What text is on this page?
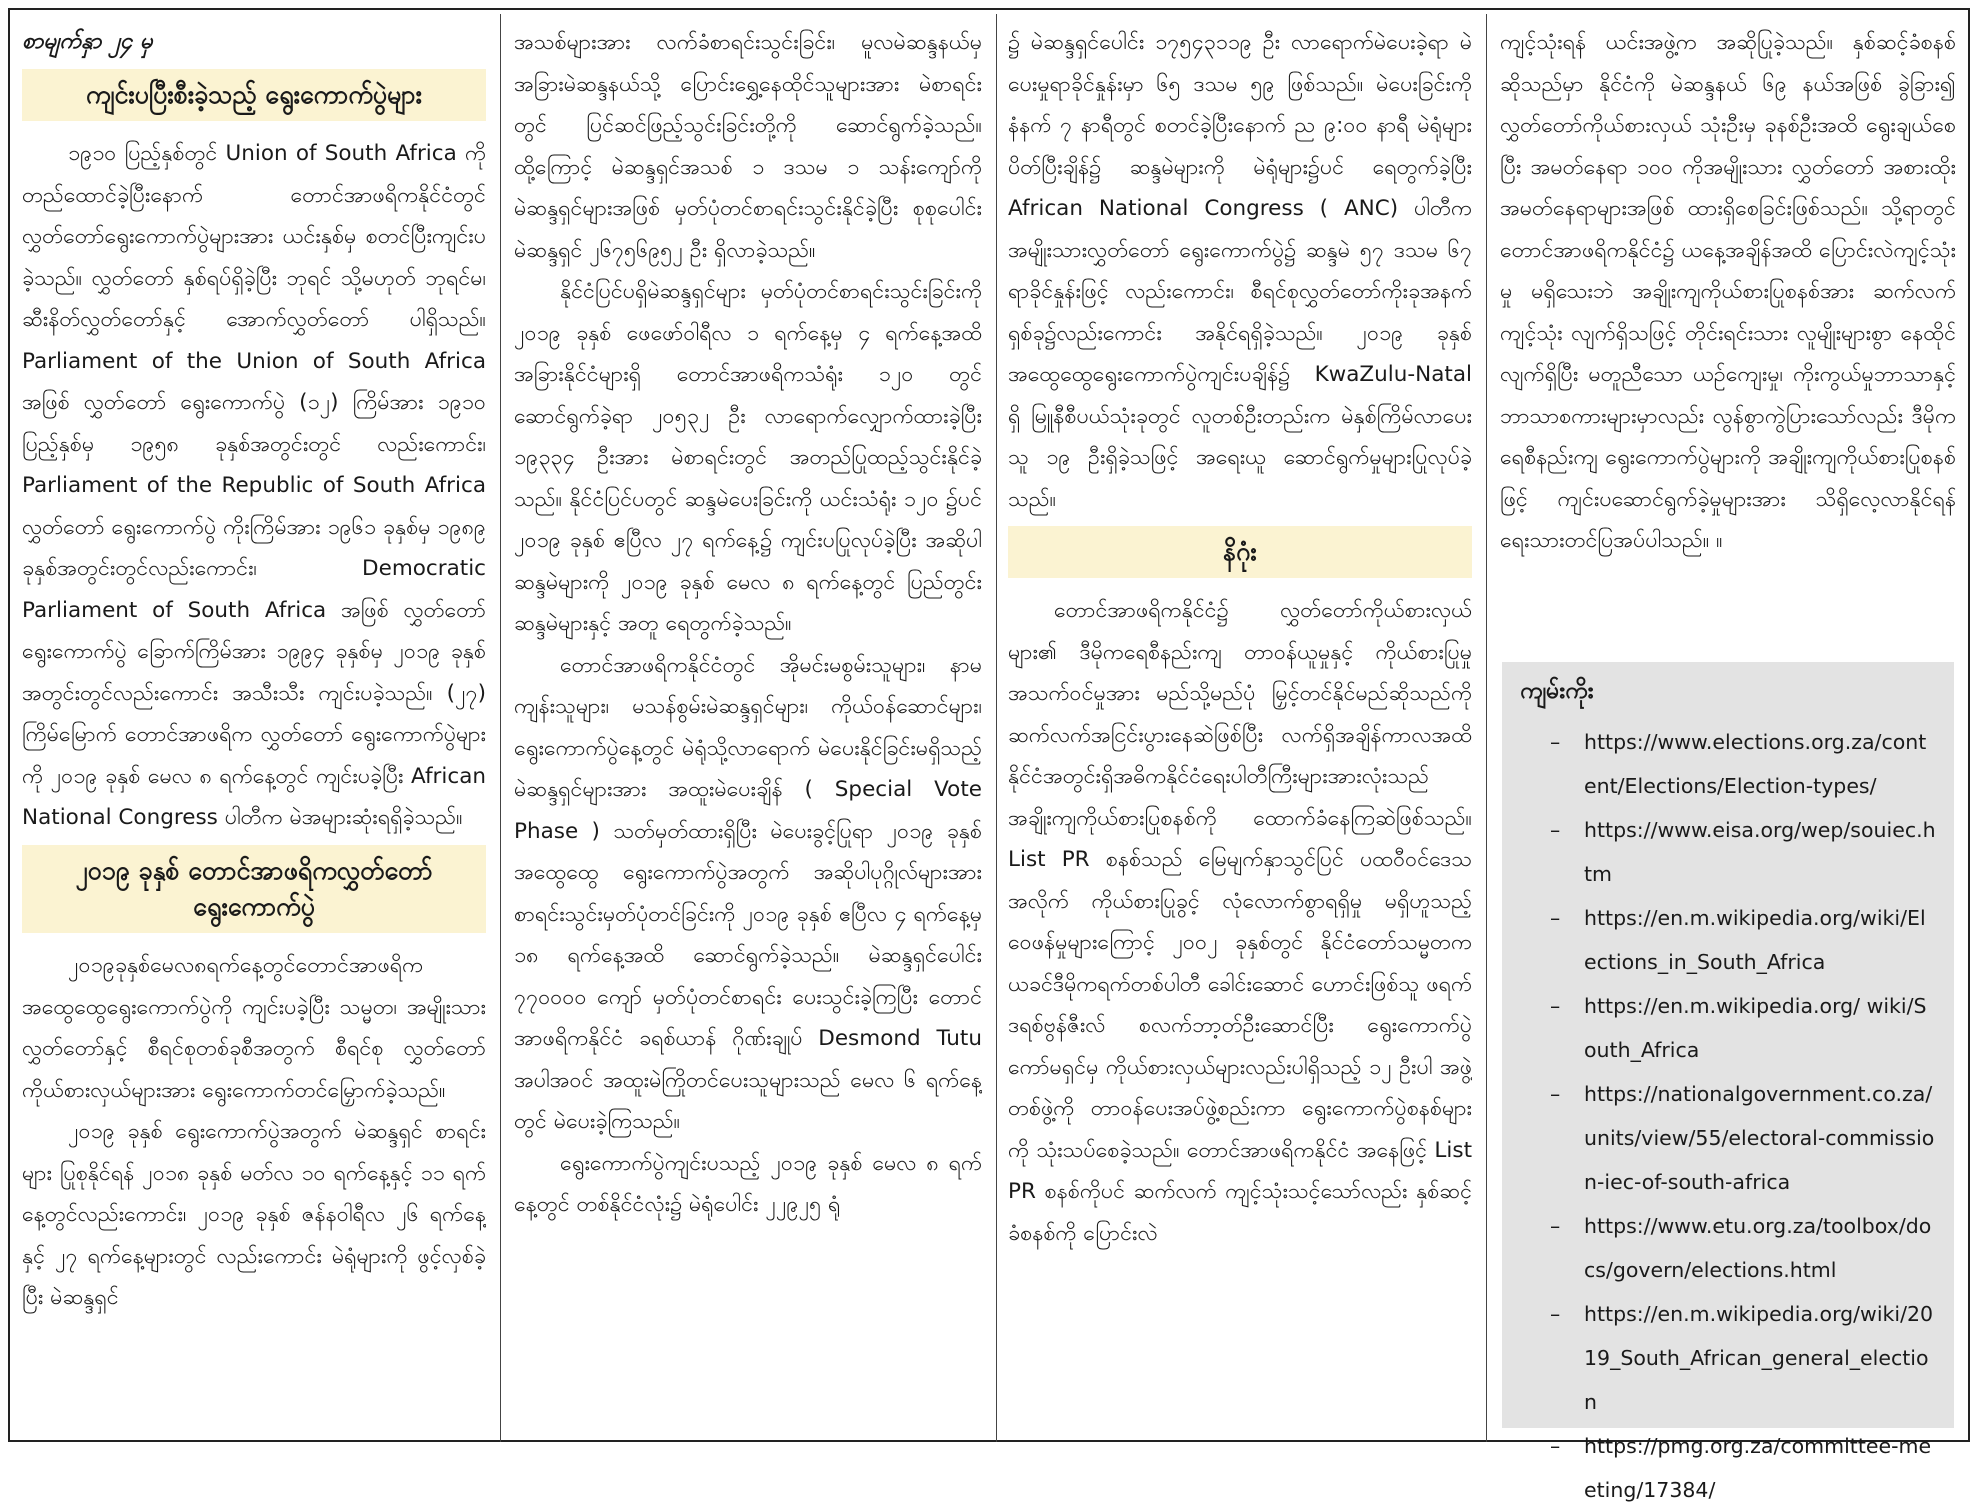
စာမျက်နှာ ၂၄ မှ
ကျင်းပပြီးစီးခဲ့သည့် ရွေးကောက်ပွဲများ

၁၉၁၀ ပြည့်နှစ်တွင် Union of South Africa ကို တည်ထောင်ခဲ့ပြီးနောက် တောင်အာဖရိကနိုင်ငံတွင် လွှတ်တော်ရွေးကောက်ပွဲများအား ယင်းနှစ်မှ စတင်ပြီးကျင်းပခဲ့သည်။ လွှတ်တော် နှစ်ရပ်ရှိခဲ့ပြီး ဘုရင် သို့မဟုတ် ဘုရင်မ၊ ဆီးနိတ်လွှတ်တော်နှင့် အောက်လွှတ်တော် ပါရှိသည်။ Parliament of the Union of South Africa အဖြစ် လွှတ်တော် ရွေးကောက်ပွဲ (၁၂) ကြိမ်အား ၁၉၁၀ ပြည့်နှစ်မှ ၁၉၅၈ ခုနှစ်အတွင်းတွင် လည်းကောင်း၊ Parliament of the Republic of South Africa လွှတ်တော် ရွေးကောက်ပွဲ ကိုးကြိမ်အား ၁၉၆၁ ခုနှစ်မှ ၁၉၈၉ ခုနှစ်အတွင်းတွင်လည်းကောင်း၊ Democratic Parliament of South Africa အဖြစ် လွှတ်တော် ရွေးကောက်ပွဲ ခြောက်ကြိမ်အား ၁၉၉၄ ခုနှစ်မှ ၂၀၁၉ ခုနှစ်အတွင်းတွင်လည်းကောင်း အသီးသီး ကျင်းပခဲ့သည်။ (၂၇) ကြိမ်မြောက် တောင်အာဖရိက လွှတ်တော် ရွေးကောက်ပွဲများကို ၂၀၁၉ ခုနှစ် မေလ ၈ ရက်နေ့တွင် ကျင်းပခဲ့ပြီး African National Congress ပါတီက မဲအများဆုံးရရှိခဲ့သည်။

၂၀၁၉ ခုနှစ် တောင်အာဖရိကလွှတ်တော် ရွေးကောက်ပွဲ

၂၀၁၉ခုနှစ်မေလ၈ရက်နေ့တွင်တောင်အာဖရိက အထွေထွေရွေးကောက်ပွဲကို ကျင်းပခဲ့ပြီး သမ္မတ၊ အမျိုးသားလွှတ်တော်နှင့် စီရင်စုတစ်ခုစီအတွက် စီရင်စု လွှတ်တော်ကိုယ်စားလှယ်များအား ရွေးကောက်တင်မြှောက်ခဲ့သည်။

၂၀၁၉ ခုနှစ် ရွေးကောက်ပွဲအတွက် မဲဆန္ဒရှင် စာရင်းများ ပြုစုနိုင်ရန် ၂၀၁၈ ခုနှစ် မတ်လ ၁၀ ရက်နေ့နှင့် ၁၁ ရက်နေ့တွင်လည်းကောင်း၊ ၂၀၁၉ ခုနှစ် ဇန်နဝါရီလ ၂၆ ရက်နေ့နှင့် ၂၇ ရက်နေ့များတွင် လည်းကောင်း မဲရုံများကို ဖွင့်လှစ်ခဲ့ပြီး မဲဆန္ဒရှင်

အသစ်များအား လက်ခံစာရင်းသွင်းခြင်း၊ မူလမဲဆန္ဒနယ်မှ အခြားမဲဆန္ဒနယ်သို့ ပြောင်းရွှေ့နေထိုင်သူများအား မဲစာရင်းတွင် ပြင်ဆင်ဖြည့်သွင်းခြင်းတို့ကို ဆောင်ရွက်ခဲ့သည်။ ထို့ကြောင့် မဲဆန္ဒရှင်အသစ် ၁ ဒသမ ၁ သန်းကျော်ကို မဲဆန္ဒရှင်များအဖြစ် မှတ်ပုံတင်စာရင်းသွင်းနိုင်ခဲ့ပြီး စုစုပေါင်း မဲဆန္ဒရှင် ၂၆၇၅၆၉၅၂ ဦး ရှိလာခဲ့သည်။

နိုင်ငံပြင်ပရှိမဲဆန္ဒရှင်များ မှတ်ပုံတင်စာရင်းသွင်းခြင်းကို ၂၀၁၉ ခုနှစ် ဖေဖော်ဝါရီလ ၁ ရက်နေ့မှ ၄ ရက်နေ့အထိ အခြားနိုင်ငံများရှိ တောင်အာဖရိကသံရုံး ၁၂၀ တွင် ဆောင်ရွက်ခဲ့ရာ ၂၀၅၃၂ ဦး လာရောက်လျှောက်ထားခဲ့ပြီး ၁၉၃၃၄ ဦးအား မဲစာရင်းတွင် အတည်ပြုထည့်သွင်းနိုင်ခဲ့သည်။ နိုင်ငံပြင်ပတွင် ဆန္ဒမဲပေးခြင်းကို ယင်းသံရုံး ၁၂၀ ၌ပင် ၂၀၁၉ ခုနှစ် ဧပြီလ ၂၇ ရက်နေ့၌ ကျင်းပပြုလုပ်ခဲ့ပြီး အဆိုပါဆန္ဒမဲများကို ၂၀၁၉ ခုနှစ် မေလ ၈ ရက်နေ့တွင် ပြည်တွင်းဆန္ဒမဲများနှင့် အတူ ရေတွက်ခဲ့သည်။

တောင်အာဖရိကနိုင်ငံတွင် အိုမင်းမစွမ်းသူများ၊ နာမကျန်းသူများ၊ မသန်စွမ်းမဲဆန္ဒရှင်များ၊ ကိုယ်ဝန်ဆောင်များ၊ ရွေးကောက်ပွဲနေ့တွင် မဲရုံသို့လာရောက် မဲပေးနိုင်ခြင်းမရှိသည့် မဲဆန္ဒရှင်များအား အထူးမဲပေးချိန် ( Special Vote Phase ) သတ်မှတ်ထားရှိပြီး မဲပေးခွင့်ပြုရာ ၂၀၁၉ ခုနှစ် အထွေထွေ ရွေးကောက်ပွဲအတွက် အဆိုပါပုဂ္ဂိုလ်များအား စာရင်းသွင်းမှတ်ပုံတင်ခြင်းကို ၂၀၁၉ ခုနှစ် ဧပြီလ ၄ ရက်နေ့မှ ၁၈ ရက်နေ့အထိ ဆောင်ရွက်ခဲ့သည်။ မဲဆန္ဒရှင်ပေါင်း ၇၇၀၀၀၀ ကျော် မှတ်ပုံတင်စာရင်း ပေးသွင်းခဲ့ကြပြီး တောင်အာဖရိကနိုင်ငံ ခရစ်ယာန် ဂိုဏ်းချုပ် Desmond Tutu အပါအဝင် အထူးမဲကြိုတင်ပေးသူများသည် မေလ ၆ ရက်နေ့တွင် မဲပေးခဲ့ကြသည်။

ရွေးကောက်ပွဲကျင်းပသည့် ၂၀၁၉ ခုနှစ် မေလ ၈ ရက်နေ့တွင် တစ်နိုင်ငံလုံး၌ မဲရုံပေါင်း ၂၂၉၂၅ ရုံ

၌ မဲဆန္ဒရှင်ပေါင်း ၁၇၅၄၃၁၁၉ ဦး လာရောက်မဲပေးခဲ့ရာ မဲပေးမှုရာခိုင်နှုန်းမှာ ၆၅ ဒသမ ၅၉ ဖြစ်သည်။ မဲပေးခြင်းကို နံနက် ၇ နာရီတွင် စတင်ခဲ့ပြီးနောက် ည ၉:၀၀ နာရီ မဲရုံများပိတ်ပြီးချိန်၌ ဆန္ဒမဲများကို မဲရုံများ၌ပင် ရေတွက်ခဲ့ပြီး African National Congress ( ANC) ပါတီက အမျိုးသားလွှတ်တော် ရွေးကောက်ပွဲ၌ ဆန္ဒမဲ ၅၇ ဒသမ ၆၇ ရာခိုင်နှုန်းဖြင့် လည်းကောင်း၊ စီရင်စုလွှတ်တော်ကိုးခုအနက် ရှစ်ခု၌လည်းကောင်း အနိုင်ရရှိခဲ့သည်။ ၂၀၁၉ ခုနှစ် အထွေထွေရွေးကောက်ပွဲကျင်းပချိန်၌ KwaZulu-Natal ရှိ မြူနီစီပယ်သုံးခုတွင် လူတစ်ဦးတည်းက မဲနှစ်ကြိမ်လာပေးသူ ၁၉ ဦးရှိခဲ့သဖြင့် အရေးယူ ဆောင်ရွက်မှုများပြုလုပ်ခဲ့သည်။

နိဂုံး

တောင်အာဖရိကနိုင်ငံ၌ လွှတ်တော်ကိုယ်စားလှယ်များ၏ ဒီမိုကရေစီနည်းကျ တာဝန်ယူမှုနှင့် ကိုယ်စားပြုမှုအသက်ဝင်မှုအား မည်သို့မည်ပုံ မြှင့်တင်နိုင်မည်ဆိုသည်ကို ဆက်လက်အငြင်းပွားနေဆဲဖြစ်ပြီး လက်ရှိအချိန်ကာလအထိ နိုင်ငံအတွင်းရှိအဓိကနိုင်ငံရေးပါတီကြီးများအားလုံးသည် အချိုးကျကိုယ်စားပြုစနစ်ကို ထောက်ခံနေကြဆဲဖြစ်သည်။ List PR စနစ်သည် မြေမျက်နှာသွင်ပြင် ပထဝီဝင်ဒေသအလိုက် ကိုယ်စားပြုခွင့် လုံလောက်စွာရရှိမှု မရှိဟူသည့် ဝေဖန်မှုများကြောင့် ၂၀၀၂ ခုနှစ်တွင် နိုင်ငံတော်သမ္မတက ယခင်ဒီမိုကရက်တစ်ပါတီ ခေါင်းဆောင် ဟောင်းဖြစ်သူ ဖရက်ဒရစ်ဗွန်ဇီးလ် စလက်ဘာ့တ်ဦးဆောင်ပြီး ရွေးကောက်ပွဲကော်မရှင်မှ ကိုယ်စားလှယ်များလည်းပါရှိသည့် ၁၂ ဦးပါ အဖွဲ့ တစ်ဖွဲ့ကို တာဝန်ပေးအပ်ဖွဲ့စည်းကာ ရွေးကောက်ပွဲစနစ်များကို သုံးသပ်စေခဲ့သည်။ တောင်အာဖရိကနိုင်ငံ အနေဖြင့် List PR စနစ်ကိုပင် ဆက်လက် ကျင့်သုံးသင့်သော်လည်း နှစ်ဆင့်ခံစနစ်ကို ပြောင်းလဲ

ကျင့်သုံးရန် ယင်းအဖွဲ့က အဆိုပြုခဲ့သည်။ နှစ်ဆင့်ခံစနစ်ဆိုသည်မှာ နိုင်ငံကို မဲဆန္ဒနယ် ၆၉ နယ်အဖြစ် ခွဲခြား၍ လွှတ်တော်ကိုယ်စားလှယ် သုံးဦးမှ ခုနစ်ဦးအထိ ရွေးချယ်စေပြီး အမတ်နေရာ ၁၀၀ ကိုအမျိုးသား လွှတ်တော် အစားထိုးအမတ်နေရာများအဖြစ် ထားရှိစေခြင်းဖြစ်သည်။ သို့ရာတွင် တောင်အာဖရိကနိုင်ငံ၌ ယနေ့အချိန်အထိ ပြောင်းလဲကျင့်သုံးမှု မရှိသေးဘဲ အချိုးကျကိုယ်စားပြုစနစ်အား ဆက်လက်ကျင့်သုံး လျက်ရှိသဖြင့် တိုင်းရင်းသား လူမျိုးများစွာ နေထိုင်လျက်ရှိပြီး မတူညီသော ယဉ်ကျေးမှု၊ ကိုးကွယ်မှုဘာသာနှင့် ဘာသာစကားများမှာလည်း လွန်စွာကွဲပြားသော်လည်း ဒီမိုကရေစီနည်းကျ ရွေးကောက်ပွဲများကို အချိုးကျကိုယ်စားပြုစနစ်ဖြင့် ကျင်းပဆောင်ရွက်ခဲ့မှုများအား သိရှိလေ့လာနိုင်ရန် ရေးသားတင်ပြအပ်ပါသည်။ ။

ကျမ်းကိုး
– https://www.elections.org.za/content/Elections/Election-types/
– https://www.eisa.org/wep/souiec.htm
– https://en.m.wikipedia.org/wiki/Elections_in_South_Africa
– https://en.m.wikipedia.org/ wiki/South_Africa
– https://nationalgovernment.co.za/units/view/55/electoral-commission-iec-of-south-africa
– https://www.etu.org.za/toolbox/docs/govern/elections.html
– https://en.m.wikipedia.org/wiki/2019_South_African_general_election
– https://pmg.org.za/committee-meeting/17384/
